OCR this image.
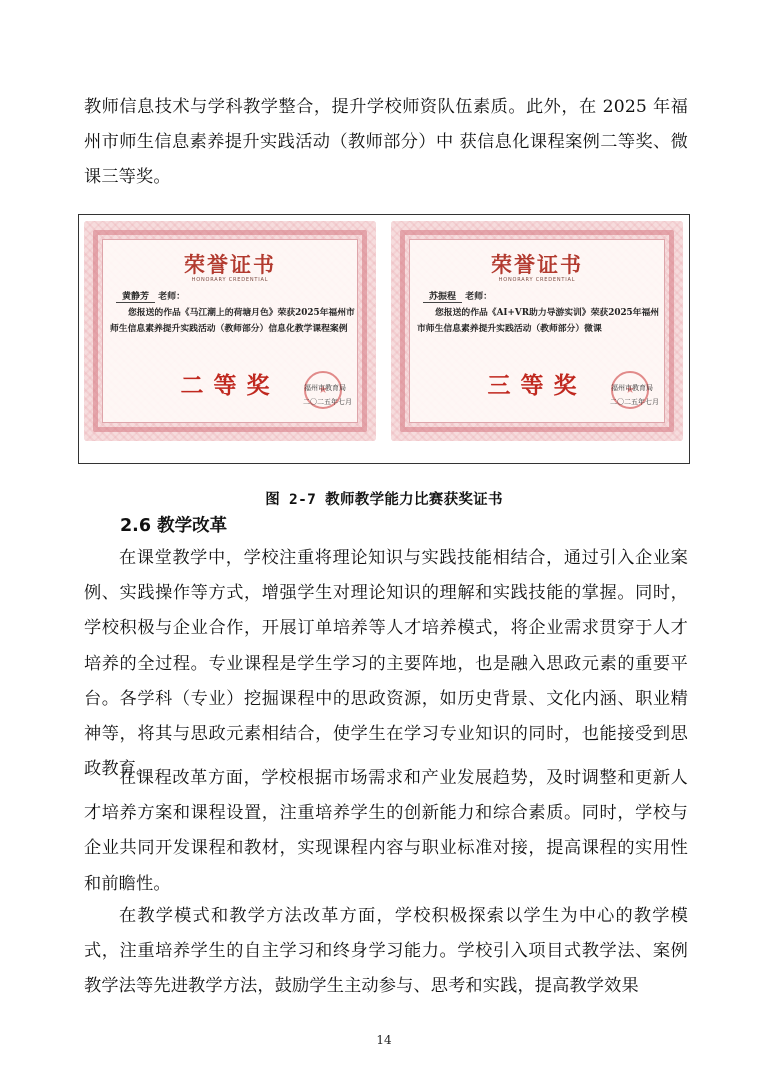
教师信息技术与学科教学整合，提升学校师资队伍素质。此外，在 2025 年福州市师生信息素养提升实践活动（教师部分）中 获信息化课程案例二等奖、微课三等奖。

荣誉证书
HONORARY CREDENTIAL
黄静芳 老师：
您报送的作品《马江潮上的荷塘月色》荣获2025年福州市师生信息素养提升实践活动（教师部分）信息化教学课程案例
二等奖 ★	福州市教育局
二〇二五年七月
荣誉证书
HONORARY CREDENTIAL
苏振程 老师：
您报送的作品《AI+VR助力导游实训》荣获2025年福州市师生信息素养提升实践活动（教师部分）微课
三等奖 ★	福州市教育局
二〇二五年七月
图 2-7 教师教学能力比赛获奖证书
2.6 教学改革

在课堂教学中，学校注重将理论知识与实践技能相结合，通过引入企业案例、实践操作等方式，增强学生对理论知识的理解和实践技能的掌握。同时，学校积极与企业合作，开展订单培养等人才培养模式，将企业需求贯穿于人才培养的全过程。专业课程是学生学习的主要阵地，也是融入思政元素的重要平台。各学科（专业）挖掘课程中的思政资源，如历史背景、文化内涵、职业精神等，将其与思政元素相结合，使学生在学习专业知识的同时，也能接受到思政教育。

在课程改革方面，学校根据市场需求和产业发展趋势，及时调整和更新人才培养方案和课程设置，注重培养学生的创新能力和综合素质。同时，学校与企业共同开发课程和教材，实现课程内容与职业标准对接，提高课程的实用性和前瞻性。

在教学模式和教学方法改革方面，学校积极探索以学生为中心的教学模式，注重培养学生的自主学习和终身学习能力。学校引入项目式教学法、案例教学法等先进教学方法，鼓励学生主动参与、思考和实践，提高教学效果

14
